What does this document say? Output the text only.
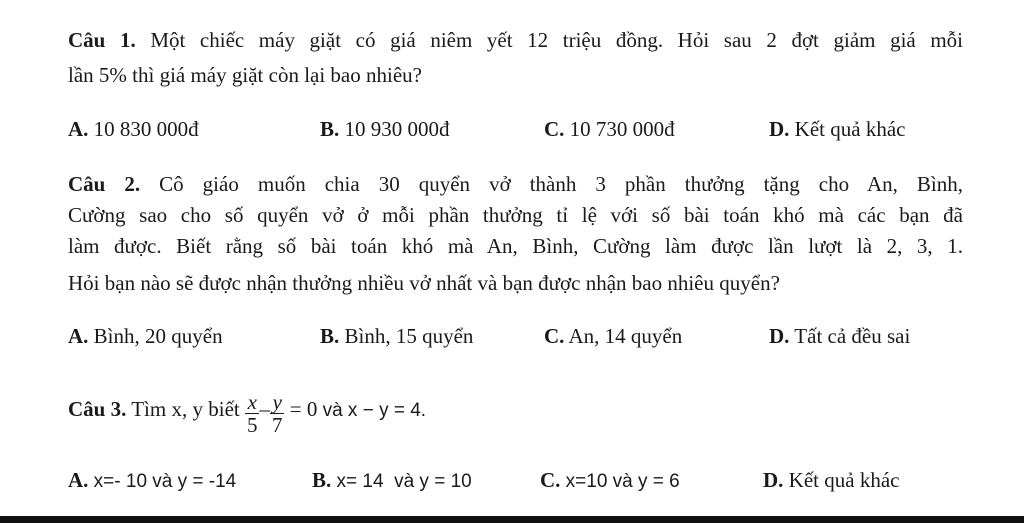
Câu 1. Một chiếc máy giặt có giá niêm yết 12 triệu đồng. Hỏi sau 2 đợt giảm giá mỗi
lần 5% thì giá máy giặt còn lại bao nhiêu?
A. 10 830 000đ	B. 10 930 000đ	C. 10 730 000đ	D. Kết quả khác
Câu 2. Cô giáo muốn chia 30 quyển vở thành 3 phần thưởng tặng cho An, Bình,
Cường sao cho số quyển vở ở mỗi phần thưởng tỉ lệ với số bài toán khó mà các bạn đã
làm được. Biết rằng số bài toán khó mà An, Bình, Cường làm được lần lượt là 2, 3, 1.
Hỏi bạn nào sẽ được nhận thưởng nhiều vở nhất và bạn được nhận bao nhiêu quyển?
A. Bình, 20 quyển	B. Bình, 15 quyển	C. An, 14 quyển	D. Tất cả đều sai
Câu 3. Tìm x, y biết $\frac{x}{5} - \frac{y}{7} = 0$ và x − y = 4.
A. x=- 10 và y = -14	B. x= 14  và y = 10	C. x=10 và y = 6	D. Kết quả khác
